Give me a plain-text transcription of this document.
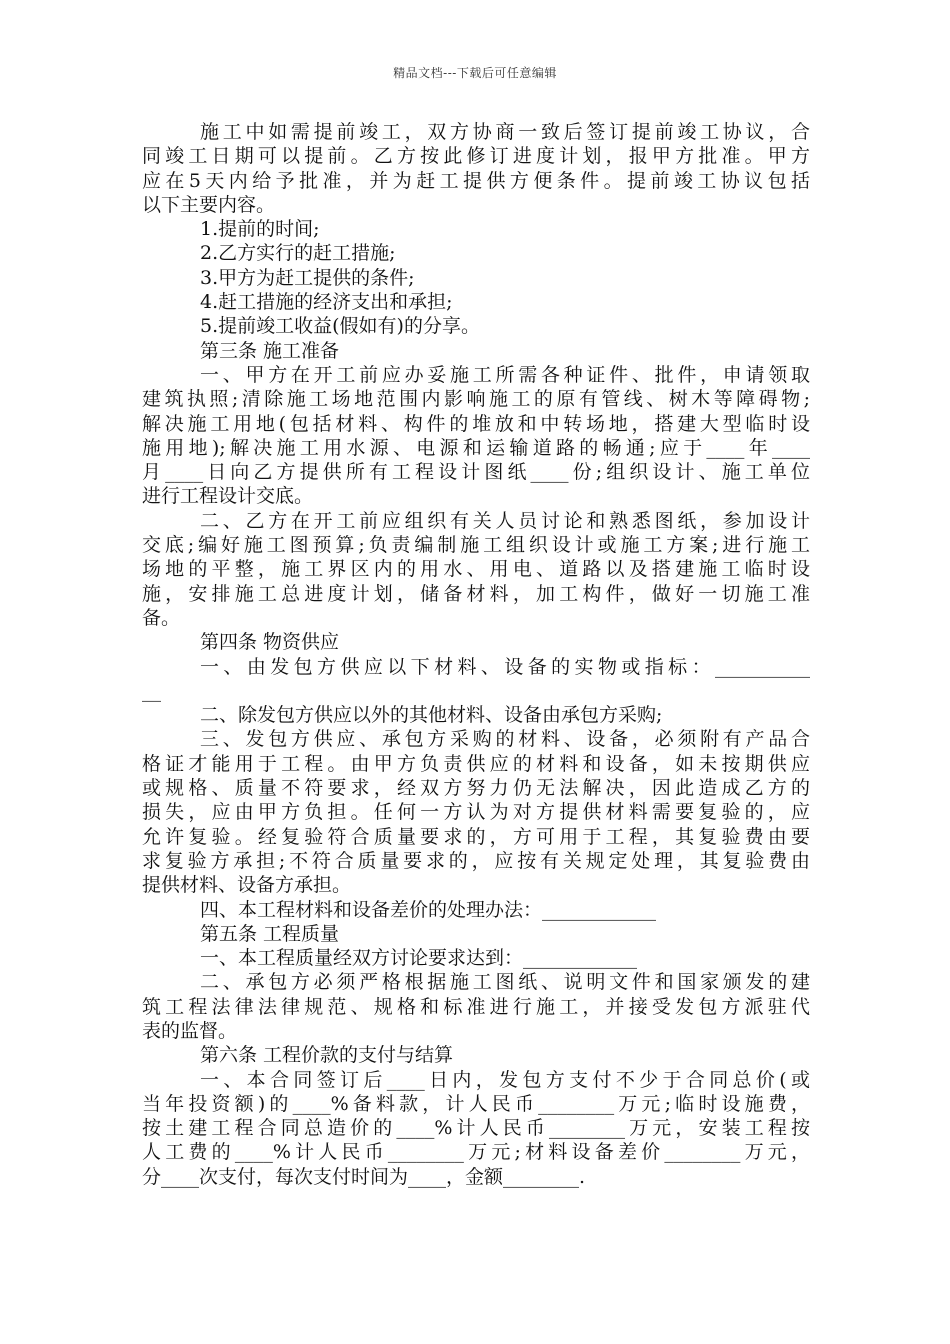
精品文档---下载后可任意编辑
施工中如需提前竣工，双方协商一致后签订提前竣工协议，合
同竣工日期可以提前。乙方按此修订进度计划，报甲方批准。甲方
应在5天内给予批准，并为赶工提供方便条件。提前竣工协议包括
以下主要内容。
1.提前的时间;
2.乙方实行的赶工措施;
3.甲方为赶工提供的条件;
4.赶工措施的经济支出和承担;
5.提前竣工收益(假如有)的分享。
第三条 施工准备
一、甲方在开工前应办妥施工所需各种证件、批件，申请领取
建筑执照;清除施工场地范围内影响施工的原有管线、树木等障碍物;
解决施工用地(包括材料、构件的堆放和中转场地，搭建大型临时设
施用地);解决施工用水源、电源和运输道路的畅通;应于____年____
月____日向乙方提供所有工程设计图纸____份;组织设计、施工单位
进行工程设计交底。
二、乙方在开工前应组织有关人员讨论和熟悉图纸，参加设计
交底;编好施工图预算;负责编制施工组织设计或施工方案;进行施工
场地的平整，施工界区内的用水、用电、道路以及搭建施工临时设
施，安排施工总进度计划，储备材料，加工构件，做好一切施工准
备。
第四条 物资供应
一、由发包方供应以下材料、设备的实物或指标：__________
__
二、除发包方供应以外的其他材料、设备由承包方采购;
三、发包方供应、承包方采购的材料、设备，必须附有产品合
格证才能用于工程。由甲方负责供应的材料和设备，如未按期供应
或规格、质量不符要求，经双方努力仍无法解决，因此造成乙方的
损失，应由甲方负担。任何一方认为对方提供材料需要复验的，应
允许复验。经复验符合质量要求的，方可用于工程，其复验费由要
求复验方承担;不符合质量要求的，应按有关规定处理，其复验费由
提供材料、设备方承担。
四、本工程材料和设备差价的处理办法：____________
第五条 工程质量
一、本工程质量经双方讨论要求达到：____________
二、承包方必须严格根据施工图纸、说明文件和国家颁发的建
筑工程法律法律规范、规格和标准进行施工，并接受发包方派驻代
表的监督。
第六条 工程价款的支付与结算
一、本合同签订后____日内，发包方支付不少于合同总价(或
当年投资额)的____%备料款，计人民币________万元;临时设施费，
按土建工程合同总造价的____%计人民币________万元，安装工程按
人工费的____%计人民币________万元;材料设备差价________万元，
分____次支付，每次支付时间为____，金额________.
